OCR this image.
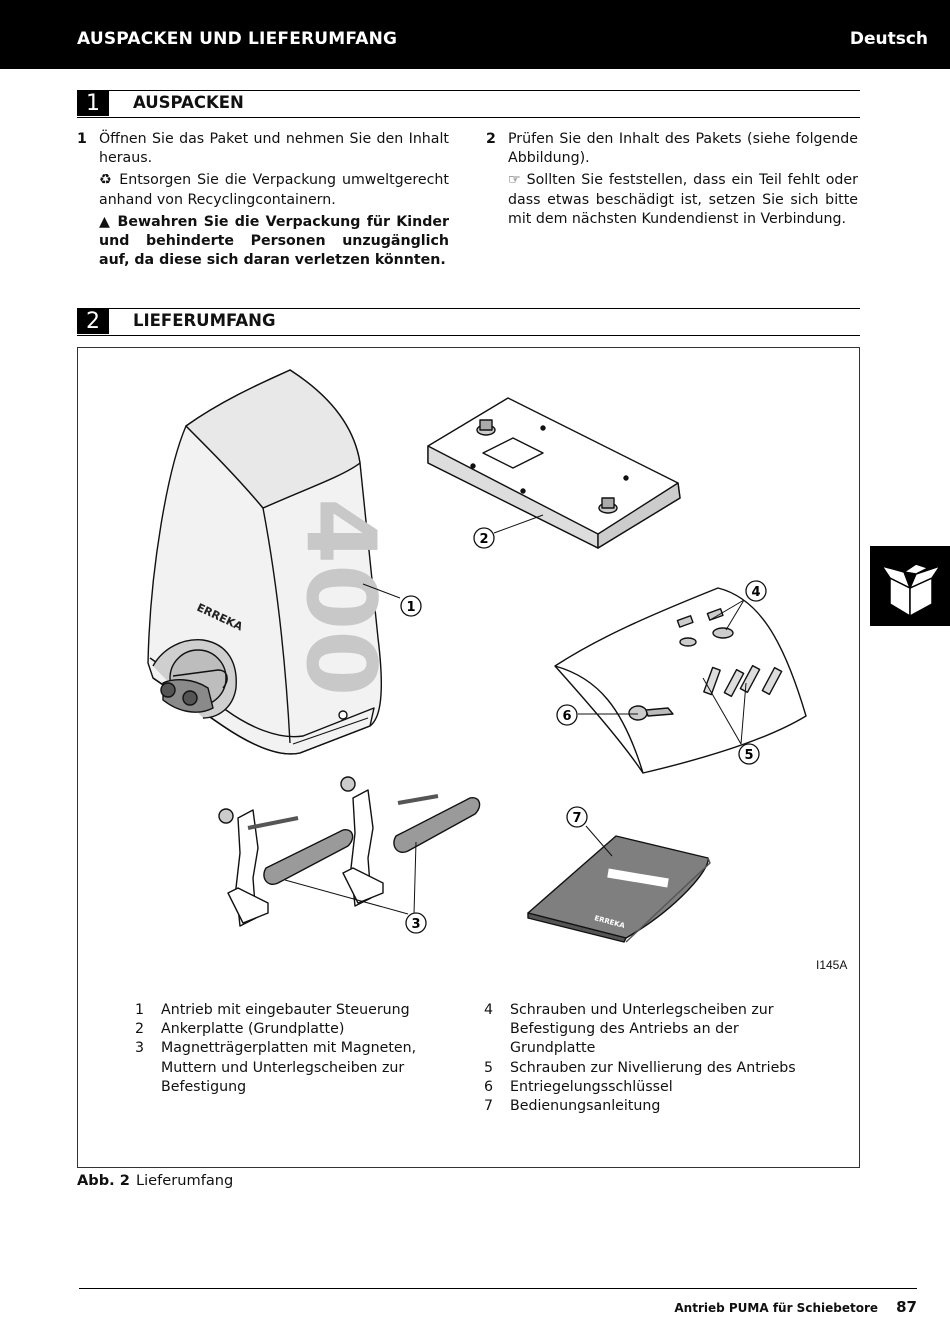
AUSPACKEN UND LIEFERUMFANG	Deutsch
1	AUSPACKEN
1 Öffnen Sie das Paket und nehmen Sie den Inhalt heraus.

♻ Entsorgen Sie die Verpackung umweltgerecht anhand von Recyclingcontainern.

▲ Bewahren Sie die Verpackung für Kinder und behinderte Personen unzugänglich auf, da diese sich daran verletzen könnten.

2 Prüfen Sie den Inhalt des Pakets (siehe folgende Abbildung).

☞ Sollten Sie feststellen, dass ein Teil fehlt oder dass etwas beschädigt ist, setzen Sie sich bitte mit dem nächsten Kundendienst in Verbindung.

2	LIEFERUMFANG
400
ERREKA
ERREKA
1
2
3
4
5
6
7
I145A
1 Antrieb mit eingebauter Steuerung
2 Ankerplatte (Grundplatte)
3 Magnetträgerplatten mit Magneten, Muttern und Unterlegscheiben zur Befestigung
4 Schrauben und Unterlegscheiben zur Befestigung des Antriebs an der Grundplatte
5 Schrauben zur Nivellierung des Antriebs
6 Entriegelungsschlüssel
7 Bedienungsanleitung
Abb. 2 Lieferumfang
Antrieb PUMA für Schiebetore 87
